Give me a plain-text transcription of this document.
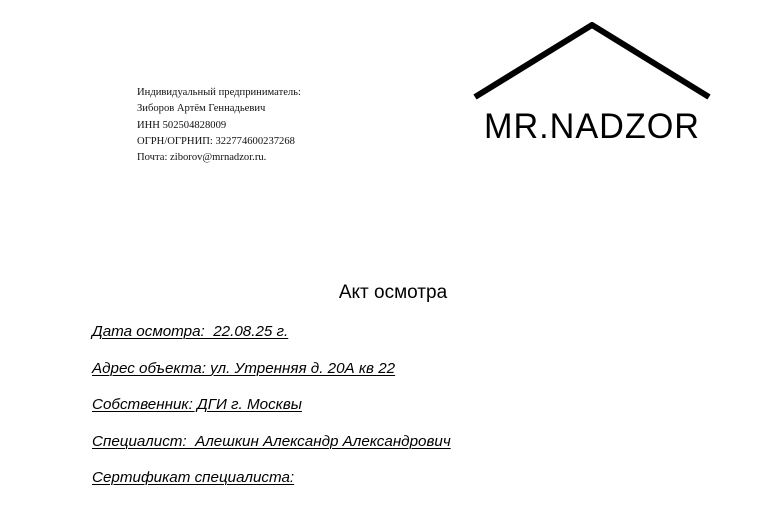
Индивидуальный предприниматель:
Зиборов Артём Геннадьевич
ИНН 502504828009
ОГРН/ОГРНИП: 322774600237268
Почта: ziborov@mrnadzor.ru.
MR.NADZOR
Акт осмотра
Дата осмотра:  22.08.25 г.
Адрес объекта: ул. Утренняя д. 20А кв 22
Собственник: ДГИ г. Москвы
Специалист:  Алешкин Александр Александрович
Сертификат специалиста:
